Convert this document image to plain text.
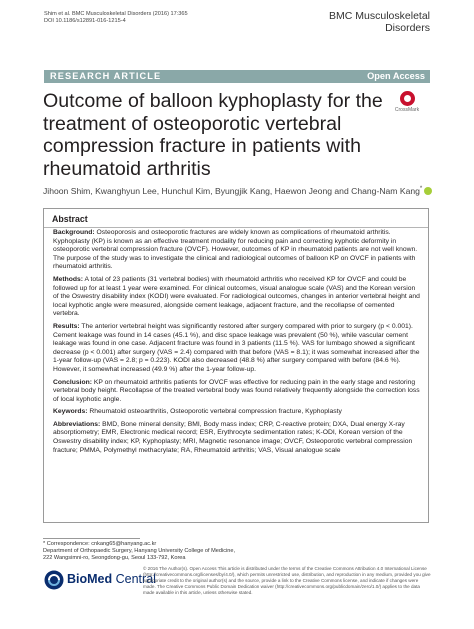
Shim et al. BMC Musculoskeletal Disorders (2016) 17:365
DOI 10.1186/s12891-016-1215-4	BMC Musculoskeletal
Disorders
RESEARCH ARTICLE	Open Access
Outcome of balloon kyphoplasty for the treatment of osteoporotic vertebral compression fracture in patients with rheumatoid arthritis
CrossMark
Jihoon Shim, Kwanghyun Lee, Hunchul Kim, Byungjik Kang, Haewon Jeong and Chang-Nam Kang*
Abstract

Background: Osteoporosis and osteoporotic fractures are widely known as complications of rheumatoid arthritis. Kyphoplasty (KP) is known as an effective treatment modality for reducing pain and correcting kyphotic deformity in osteoporotic vertebral compression fracture (OVCF). However, outcomes of KP in rheumatoid patients are not well known. The purpose of the study was to investigate the clinical and radiological outcomes of balloon KP on OVCF in patients with rheumatoid arthritis.

Methods: A total of 23 patients (31 vertebral bodies) with rheumatoid arthritis who received KP for OVCF and could be followed up for at least 1 year were examined. For clinical outcomes, visual analogue scale (VAS) and the Korean version of the Oswestry disability index (KODI) were evaluated. For radiological outcomes, changes in anterior vertebral height and local kyphotic angle were measured, alongside cement leakage, adjacent fracture, and the recollapse of cemented vertebra.

Results: The anterior vertebral height was significantly restored after surgery compared with prior to surgery (p < 0.001). Cement leakage was found in 14 cases (45.1 %), and disc space leakage was prevalent (50 %), while vascular cement leakage was found in one case. Adjacent fracture was found in 3 patients (11.5 %). VAS for lumbago showed a significant decrease (p < 0.001) after surgery (VAS = 2.4) compared with that before (VAS = 8.1); it was somewhat increased after the 1-year follow-up (VAS = 2.8; p = 0.223). KODI also decreased (48.8 %) after surgery compared with before (84.6 %). However, it somewhat increased (49.9 %) after the 1-year follow-up.

Conclusion: KP on rheumatoid arthritis patients for OVCF was effective for reducing pain in the early stage and restoring vertebral body height. Recollapse of the treated vertebral body was found relatively frequently alongside the correction loss of local kyphotic angle.

Keywords: Rheumatoid osteoarthritis, Osteoporotic vertebral compression fracture, Kyphoplasty

Abbreviations: BMD, Bone mineral density; BMI, Body mass index; CRP, C-reactive protein; DXA, Dual energy X-ray absorptiometry; EMR, Electronic medical record; ESR, Erythrocyte sedimentation rates; K-ODI, Korean version of the Oswestry disability index; KP, Kyphoplasty; MRI, Magnetic resonance image; OVCF, Osteoporotic vertebral compression fracture; PMMA, Polymethyl methacrylate; RA, Rheumatoid arthritis; VAS, Visual analogue scale

* Correspondence: cnkang65@hanyang.ac.kr
Department of Orthopaedic Surgery, Hanyang University College of Medicine, 222 Wangsimni-ro, Seongdong-gu, Seoul 133-792, Korea
BioMed Central
© 2016 The Author(s). Open Access This article is distributed under the terms of the Creative Commons Attribution 4.0 International License (http://creativecommons.org/licenses/by/4.0/), which permits unrestricted use, distribution, and reproduction in any medium, provided you give appropriate credit to the original author(s) and the source, provide a link to the Creative Commons license, and indicate if changes were made. The Creative Commons Public Domain Dedication waiver (http://creativecommons.org/publicdomain/zero/1.0/) applies to the data made available in this article, unless otherwise stated.
